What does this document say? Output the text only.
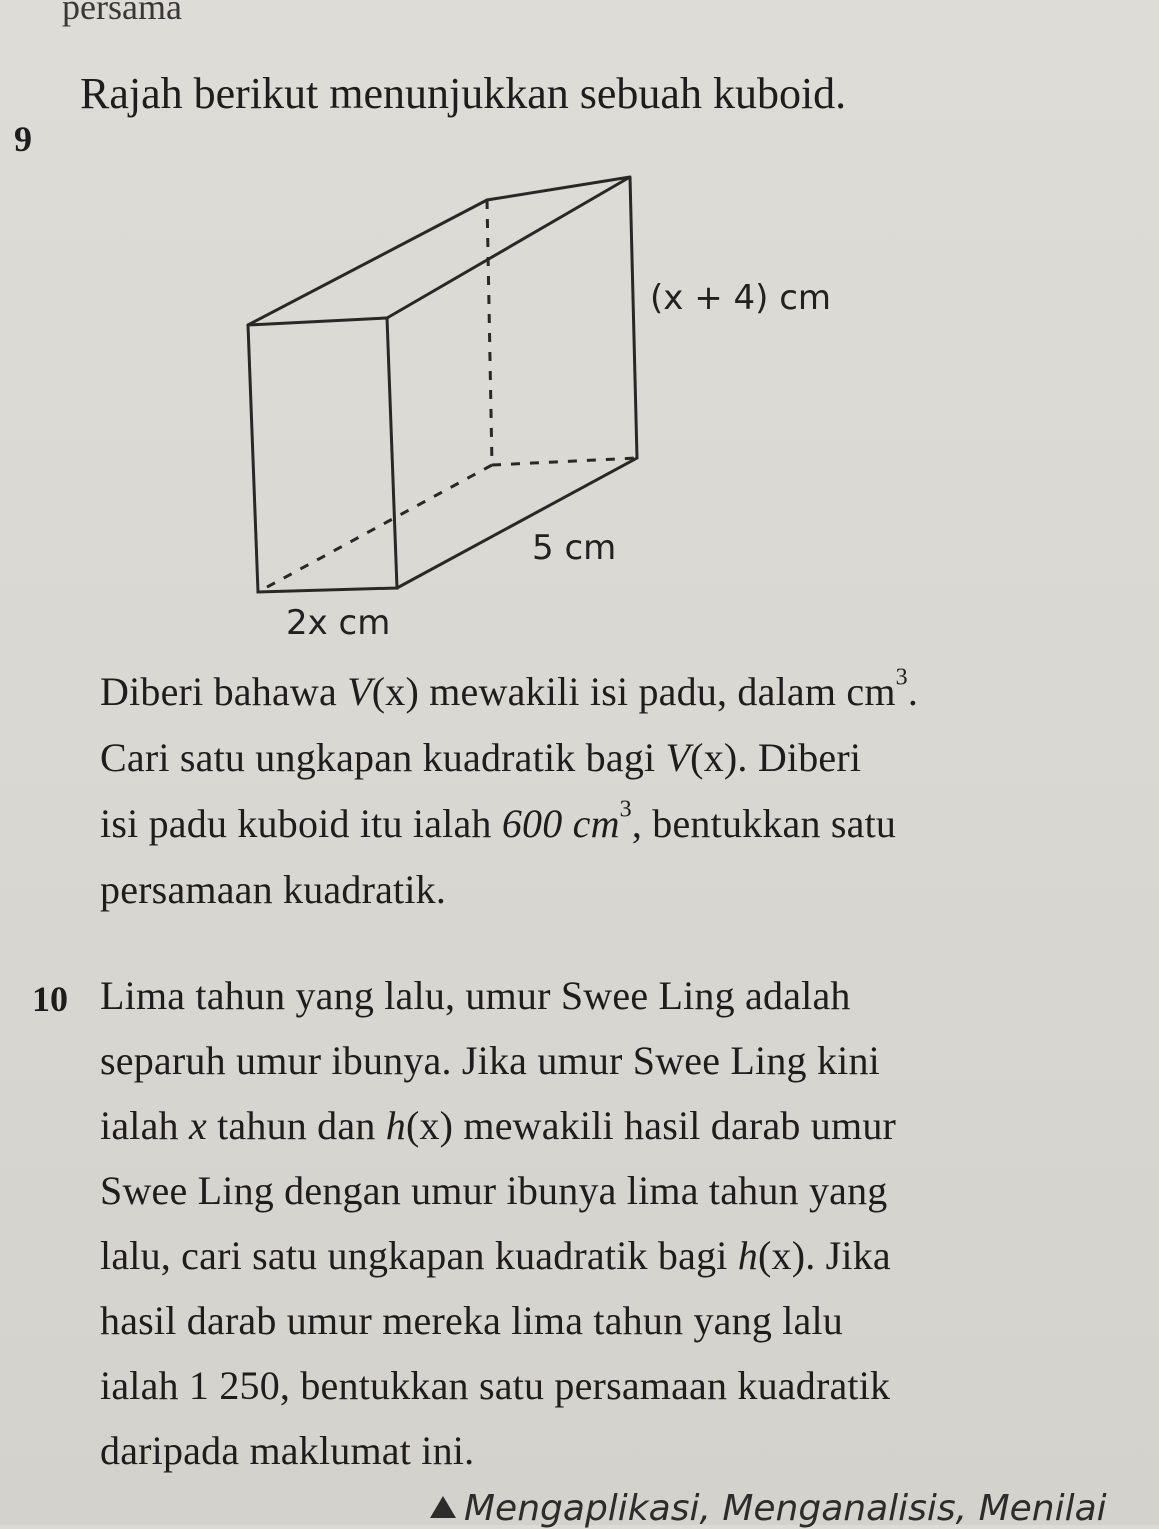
persama
9
Rajah berikut menunjukkan sebuah kuboid.
(x + 4) cm
5 cm
2x cm
Diberi bahawa V(x) mewakili isi padu, dalam $cm^3$.
Cari satu ungkapan kuadratik bagi V(x). Diberi
isi padu kuboid itu ialah 600 $cm^3$, bentukkan satu
persamaan kuadratik.
10 Lima tahun yang lalu, umur Swee Ling adalah
separuh umur ibunya. Jika umur Swee Ling kini
ialah x tahun dan h(x) mewakili hasil darab umur
Swee Ling dengan umur ibunya lima tahun yang
lalu, cari satu ungkapan kuadratik bagi h(x). Jika
hasil darab umur mereka lima tahun yang lalu
ialah 1 250, bentukkan satu persamaan kuadratik
daripada maklumat ini.
Mengaplikasi, Menganalisis, Menilai
